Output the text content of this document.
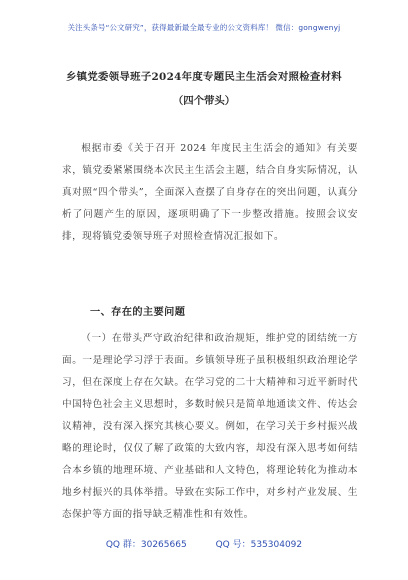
关注头条号“公文研究”，获得最新最全最专业的公文资料库！ 微信：gongwenyj
乡镇党委领导班子2024年度专题民主生活会对照检查材料
（四个带头）
根据市委《关于召开 2024 年度民主生活会的通知》有关要求，镇党委紧紧围绕本次民主生活会主题，结合自身实际情况，认真对照“四个带头”，全面深入查摆了自身存在的突出问题，认真分析了问题产生的原因，逐项明确了下一步整改措施。按照会议安排，现将镇党委领导班子对照检查情况汇报如下。
一、存在的主要问题
（一）在带头严守政治纪律和政治规矩，维护党的团结统一方面。一是理论学习浮于表面。乡镇领导班子虽积极组织政治理论学习，但在深度上存在欠缺。在学习党的二十大精神和习近平新时代中国特色社会主义思想时，多数时候只是简单地通读文件、传达会议精神，没有深入探究其核心要义。例如，在学习关于乡村振兴战略的理论时，仅仅了解了政策的大致内容，却没有深入思考如何结合本乡镇的地理环境、产业基础和人文特色，将理论转化为推动本地乡村振兴的具体举措。导致在实际工作中，对乡村产业发展、生态保护等方面的指导缺乏精准性和有效性。
QQ 群：30265665	QQ 号：535304092
